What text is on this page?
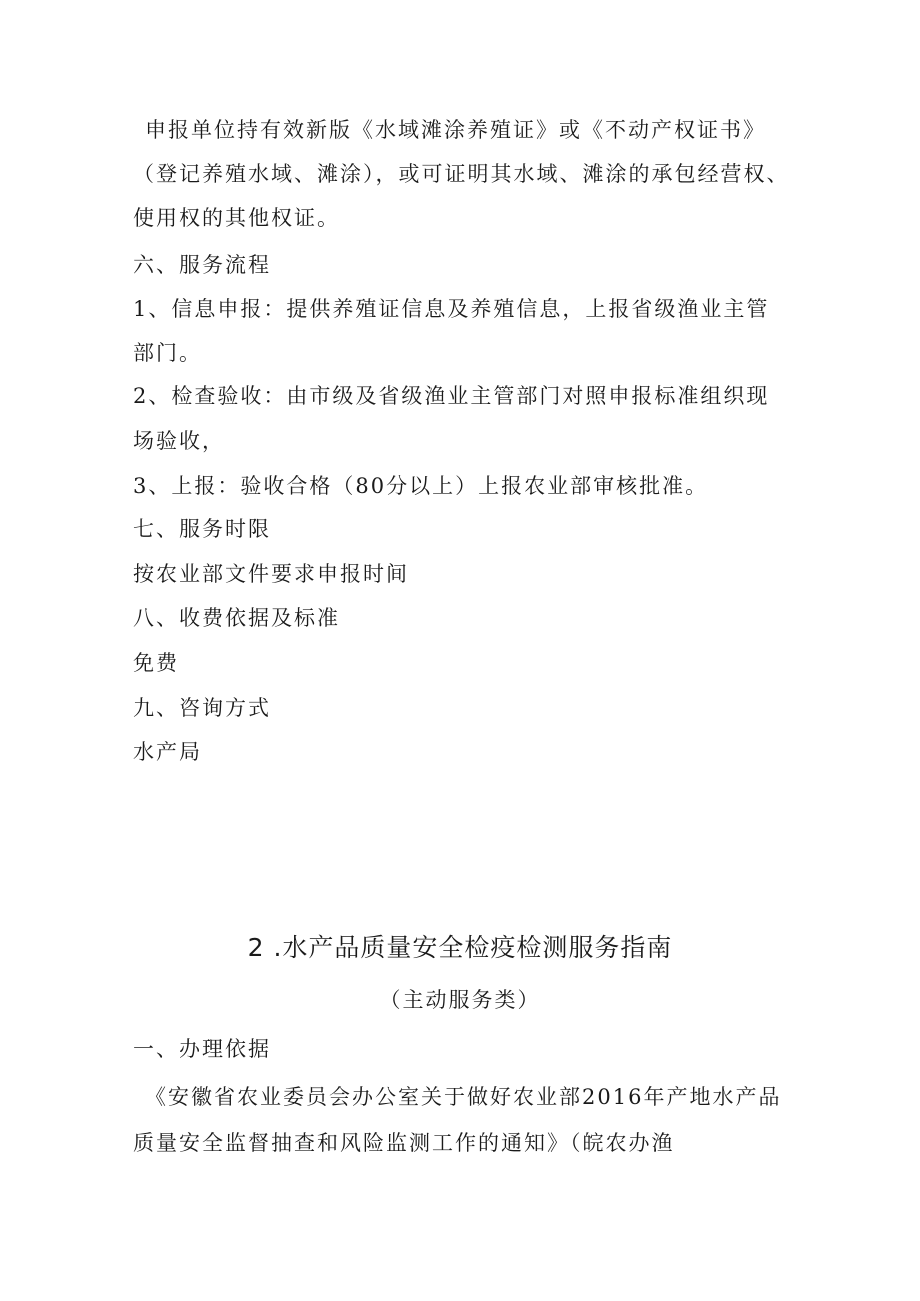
申报单位持有效新版《水域滩涂养殖证》或《不动产权证书》
（登记养殖水域、滩涂），或可证明其水域、滩涂的承包经营权、
使用权的其他权证。
六、服务流程
1、信息申报：提供养殖证信息及养殖信息，上报省级渔业主管
部门。
2、检查验收：由市级及省级渔业主管部门对照申报标准组织现
场验收，
3、上报：验收合格（80分以上）上报农业部审核批准。
七、服务时限
按农业部文件要求申报时间
八、收费依据及标准
免费
九、咨询方式
水产局
2 .水产品质量安全检疫检测服务指南
（主动服务类）
一、办理依据
《安徽省农业委员会办公室关于做好农业部2016年产地水产品
质量安全监督抽查和风险监测工作的通知》（皖农办渔
